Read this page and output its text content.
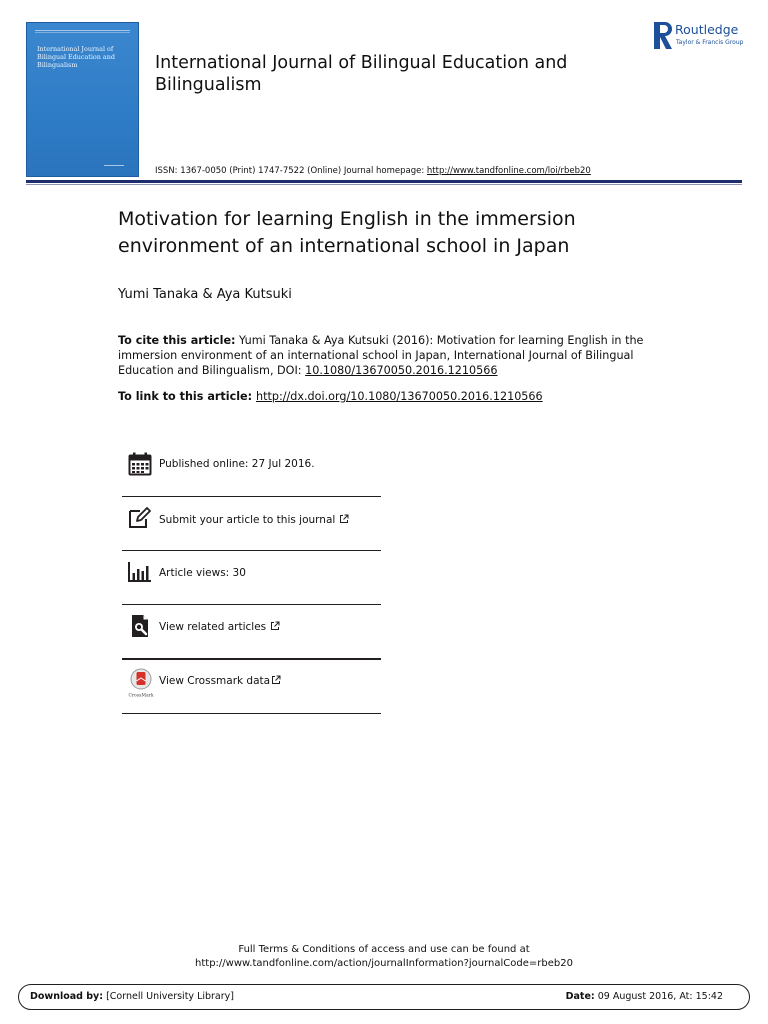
International Journal of Bilingual Education and Bilingualism	International Journal of Bilingual Education and Bilingualism
Routledge
Taylor & Francis Group
ISSN: 1367-0050 (Print) 1747-7522 (Online) Journal homepage: http://www.tandfonline.com/loi/rbeb20
Motivation for learning English in the immersion environment of an international school in Japan
Yumi Tanaka & Aya Kutsuki
To cite this article: Yumi Tanaka & Aya Kutsuki (2016): Motivation for learning English in the immersion environment of an international school in Japan, International Journal of Bilingual Education and Bilingualism, DOI: 10.1080/13670050.2016.1210566
To link to this article: http://dx.doi.org/10.1080/13670050.2016.1210566
Published online: 27 Jul 2016.
Submit your article to this journal
Article views: 30
View related articles
CrossMark
View Crossmark data
Full Terms & Conditions of access and use can be found at
http://www.tandfonline.com/action/journalInformation?journalCode=rbeb20
Download by: [Cornell University Library]	Date: 09 August 2016, At: 15:42
